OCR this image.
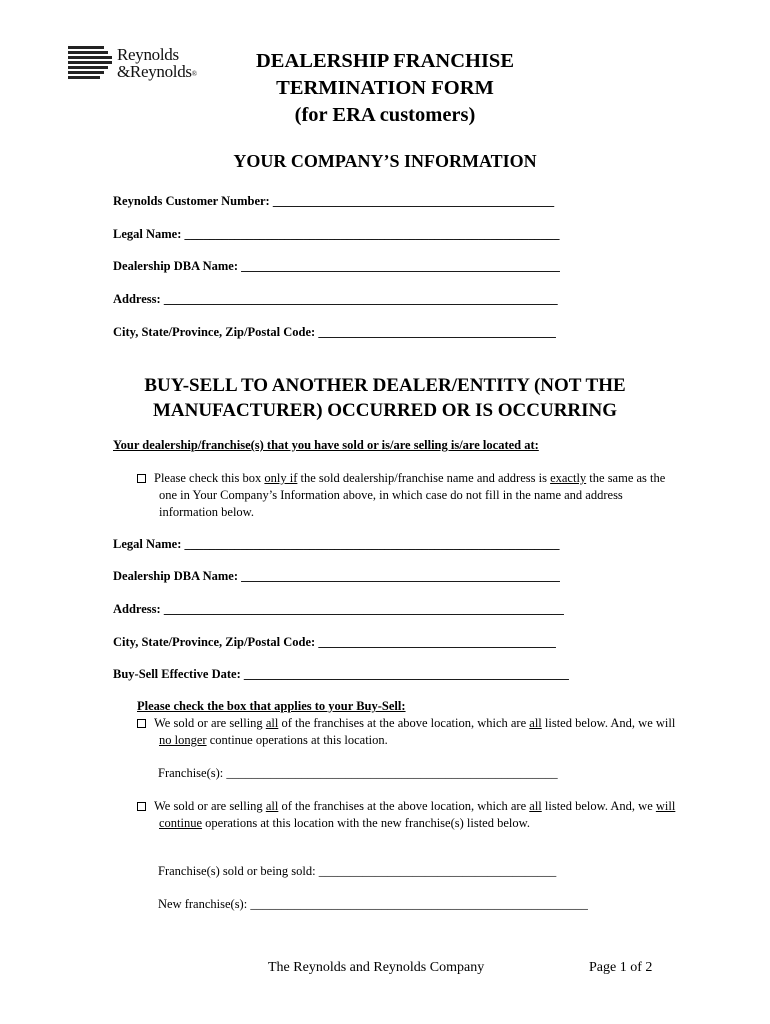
Reynolds
&Reynolds®
DEALERSHIP FRANCHISE
TERMINATION FORM
(for ERA customers)
YOUR COMPANY’S INFORMATION
Reynolds Customer Number: _____________________________________________
Legal Name: ____________________________________________________________
Dealership DBA Name: ___________________________________________________
Address: _______________________________________________________________
City, State/Province, Zip/Postal Code: ______________________________________
BUY-SELL TO ANOTHER DEALER/ENTITY (NOT THE
MANUFACTURER) OCCURRED OR IS OCCURRING
Your dealership/franchise(s) that you have sold or is/are selling is/are located at:
Please check this box only if the sold dealership/franchise name and address is exactly the same as the one in Your Company’s Information above, in which case do not fill in the name and address information below.
Legal Name: ____________________________________________________________
Dealership DBA Name: ___________________________________________________
Address: ________________________________________________________________
City, State/Province, Zip/Postal Code: ______________________________________
Buy-Sell Effective Date: ____________________________________________________
Please check the box that applies to your Buy-Sell:
We sold or are selling all of the franchises at the above location, which are all listed below. And, we will no longer continue operations at this location.
Franchise(s): _____________________________________________________
We sold or are selling all of the franchises at the above location, which are all listed below. And, we will continue operations at this location with the new franchise(s) listed below.
Franchise(s) sold or being sold: ______________________________________
New franchise(s): ______________________________________________________
The Reynolds and Reynolds Company	Page 1 of 2
